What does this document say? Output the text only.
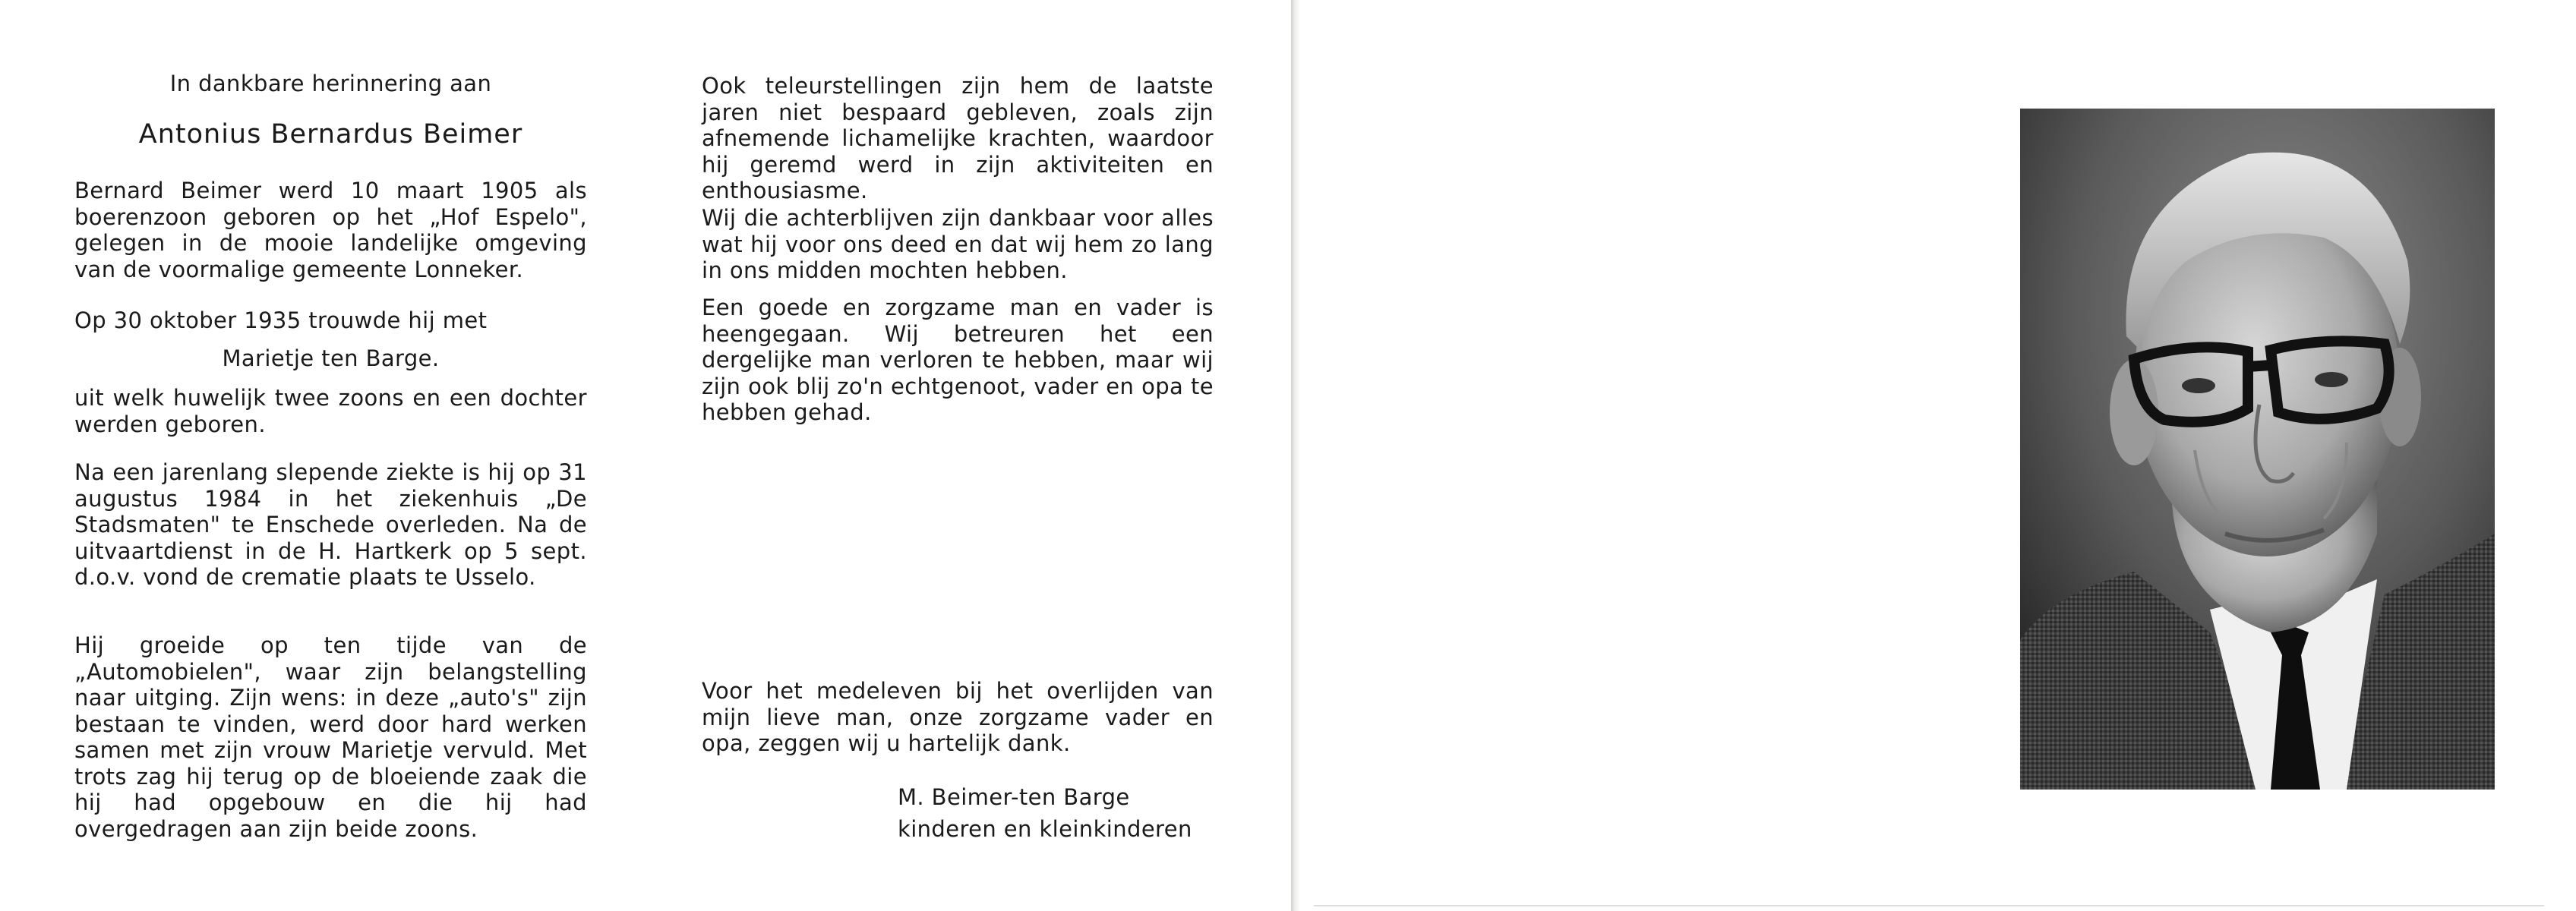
In dankbare herinnering aan
Antonius Bernardus Beimer

Bernard Beimer werd 10 maart 1905 als boerenzoon geboren op het „Hof Espelo", gelegen in de mooie landelijke omgeving van de voormalige gemeente Lonneker.

Op 30 oktober 1935 trouwde hij met
Marietje ten Barge.

uit welk huwelijk twee zoons en een dochter werden geboren.

Na een jarenlang slepende ziekte is hij op 31 augustus 1984 in het ziekenhuis „De Stadsmaten" te Enschede overleden. Na de uitvaartdienst in de H. Hartkerk op 5 sept. d.o.v. vond de crematie plaats te Usselo.

Hij groeide op ten tijde van de „Automobielen", waar zijn belangstelling naar uitging. Zijn wens: in deze „auto's" zijn bestaan te vinden, werd door hard werken samen met zijn vrouw Marietje vervuld. Met trots zag hij terug op de bloeiende zaak die hij had opgebouw en die hij had overgedragen aan zijn beide zoons.

Ook teleurstellingen zijn hem de laatste jaren niet bespaard gebleven, zoals zijn afnemende lichamelijke krachten, waardoor hij geremd werd in zijn aktiviteiten en enthousiasme.

Wij die achterblijven zijn dankbaar voor alles wat hij voor ons deed en dat wij hem zo lang in ons midden mochten hebben.

Een goede en zorgzame man en vader is heengegaan. Wij betreuren het een dergelijke man verloren te hebben, maar wij zijn ook blij zo'n echtgenoot, vader en opa te hebben gehad.

Voor het medeleven bij het overlijden van mijn lieve man, onze zorgzame vader en opa, zeggen wij u hartelijk dank.

M. Beimer-ten Barge
kinderen en kleinkinderen
